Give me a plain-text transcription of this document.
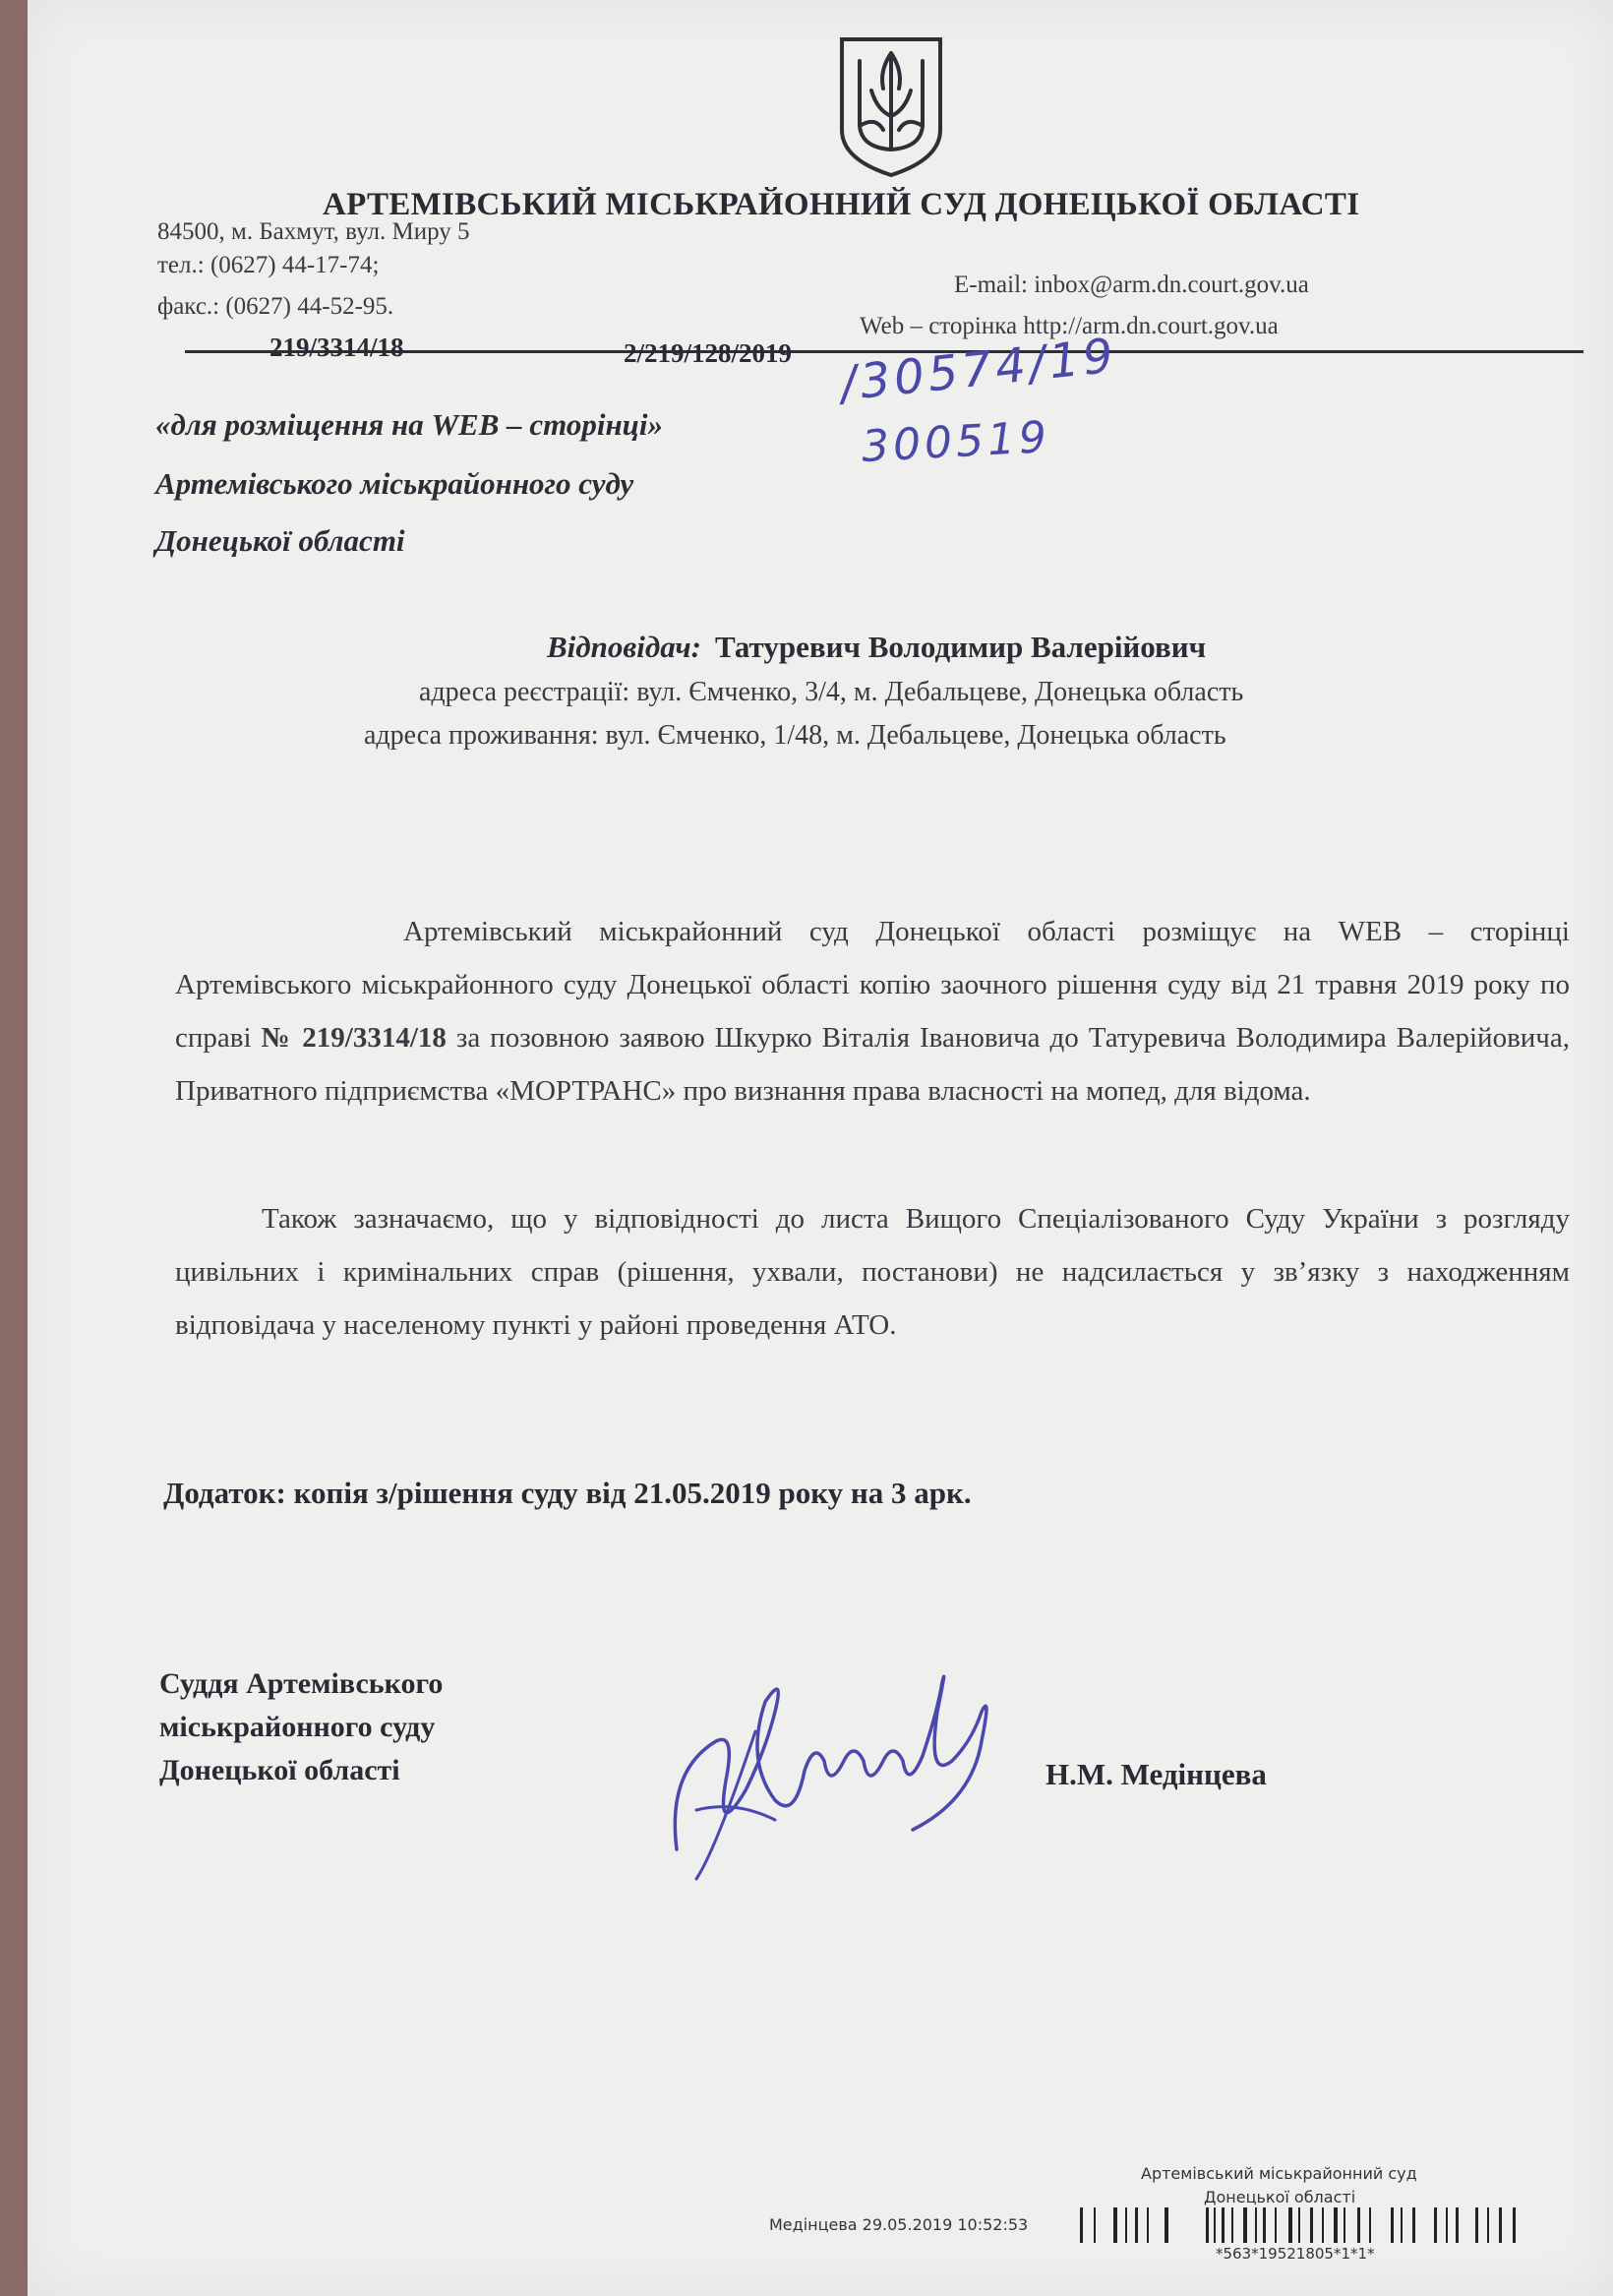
АРТЕМІВСЬКИЙ МІСЬКРАЙОННИЙ СУД ДОНЕЦЬКОЇ ОБЛАСТІ
84500, м. Бахмут, вул. Миру 5
тел.: (0627) 44-17-74;
факс.: (0627) 44-52-95.
E-mail: inbox@arm.dn.court.gov.ua
Web – сторінка http://arm.dn.court.gov.ua
219/3314/18	2/219/128/2019 /30574/19
300519
«для розміщення на WEB – сторінці»
Артемівського міськрайонного суду
Донецької області
Відповідач: Татуревич Володимир Валерійович
адреса реєстрації: вул. Ємченко, 3/4, м. Дебальцеве, Донецька область
адреса проживання: вул. Ємченко, 1/48, м. Дебальцеве, Донецька область
Артемівський міськрайонний суд Донецької області розміщує на WEB – сторінці Артемівського міськрайонного суду Донецької області копію заочного рішення суду від 21 травня 2019 року по справі № 219/3314/18 за позовною заявою Шкурко Віталія Івановича до Татуревича Володимира Валерійовича, Приватного підприємства «МОРТРАНС» про визнання права власності на мопед, для відома.
Також зазначаємо, що у відповідності до листа Вищого Спеціалізованого Суду України з розгляду цивільних і кримінальних справ (рішення, ухвали, постанови) не надсилається у зв’язку з находженням відповідача у населеному пункті у районі проведення АТО.
Додаток: копія з/рішення суду від 21.05.2019 року на 3 арк.
Суддя Артемівського
міськрайонного суду
Донецької області	Н.М. Медінцева
Артемівський міськрайонний суд
Донецької області
Медінцева 29.05.2019 10:52:53
*563*19521805*1*1*
